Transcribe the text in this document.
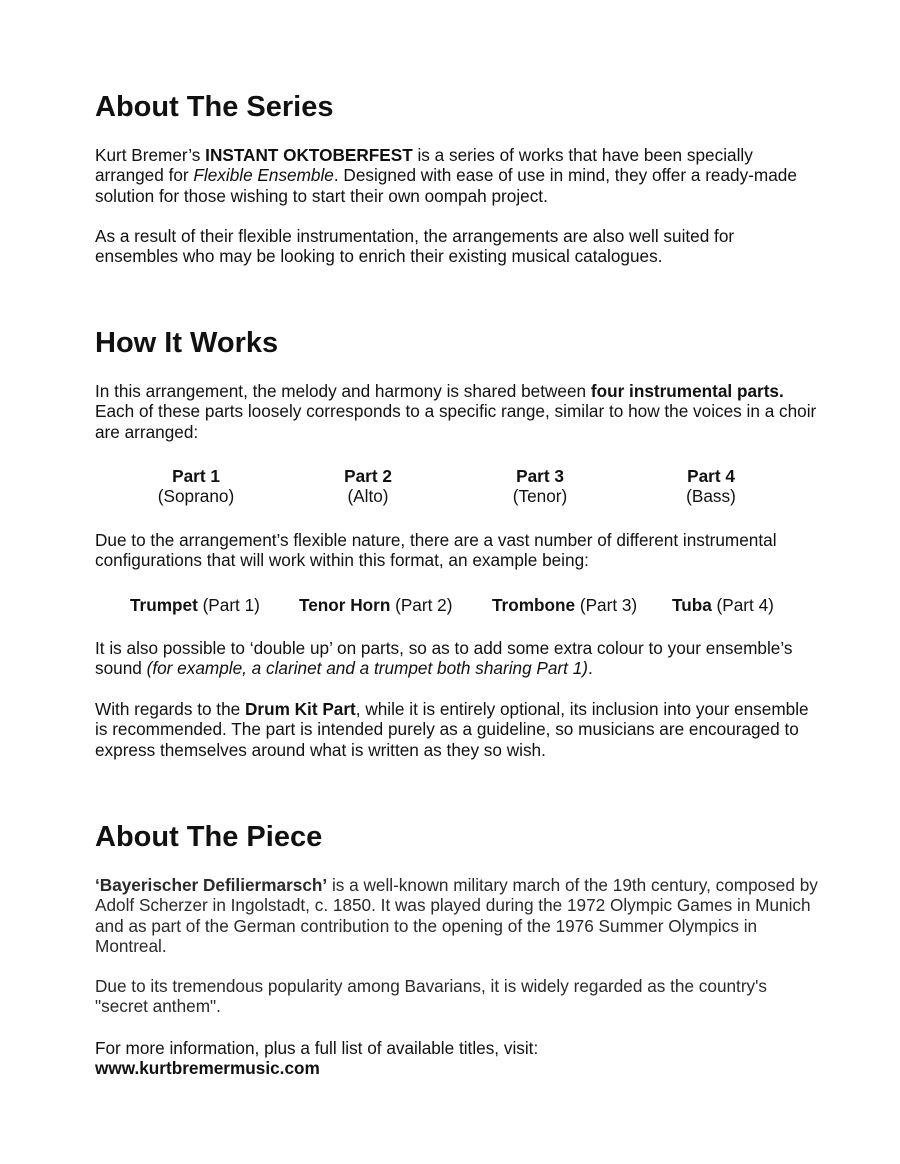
About The Series

Kurt Bremer’s INSTANT OKTOBERFEST is a series of works that have been specially arranged for Flexible Ensemble. Designed with ease of use in mind, they offer a ready-made solution for those wishing to start their own oompah project.

As a result of their flexible instrumentation, the arrangements are also well suited for ensembles who may be looking to enrich their existing musical catalogues.

How It Works

In this arrangement, the melody and harmony is shared between four instrumental parts. Each of these parts loosely corresponds to a specific range, similar to how the voices in a choir are arranged:

Part 1
(Soprano)
Part 2
(Alto)
Part 3
(Tenor)
Part 4
(Bass)

Due to the arrangement’s flexible nature, there are a vast number of different instrumental configurations that will work within this format, an example being:

Trumpet (Part 1) Tenor Horn (Part 2) Trombone (Part 3) Tuba (Part 4)

It is also possible to ‘double up’ on parts, so as to add some extra colour to your ensemble’s sound (for example, a clarinet and a trumpet both sharing Part 1).

With regards to the Drum Kit Part, while it is entirely optional, its inclusion into your ensemble is recommended. The part is intended purely as a guideline, so musicians are encouraged to express themselves around what is written as they so wish.

About The Piece

‘Bayerischer Defiliermarsch’ is a well-known military march of the 19th century, composed by Adolf Scherzer in Ingolstadt, c. 1850. It was played during the 1972 Olympic Games in Munich and as part of the German contribution to the opening of the 1976 Summer Olympics in Montreal.

Due to its tremendous popularity among Bavarians, it is widely regarded as the country's "secret anthem".

For more information, plus a full list of available titles, visit:
www.kurtbremermusic.com
